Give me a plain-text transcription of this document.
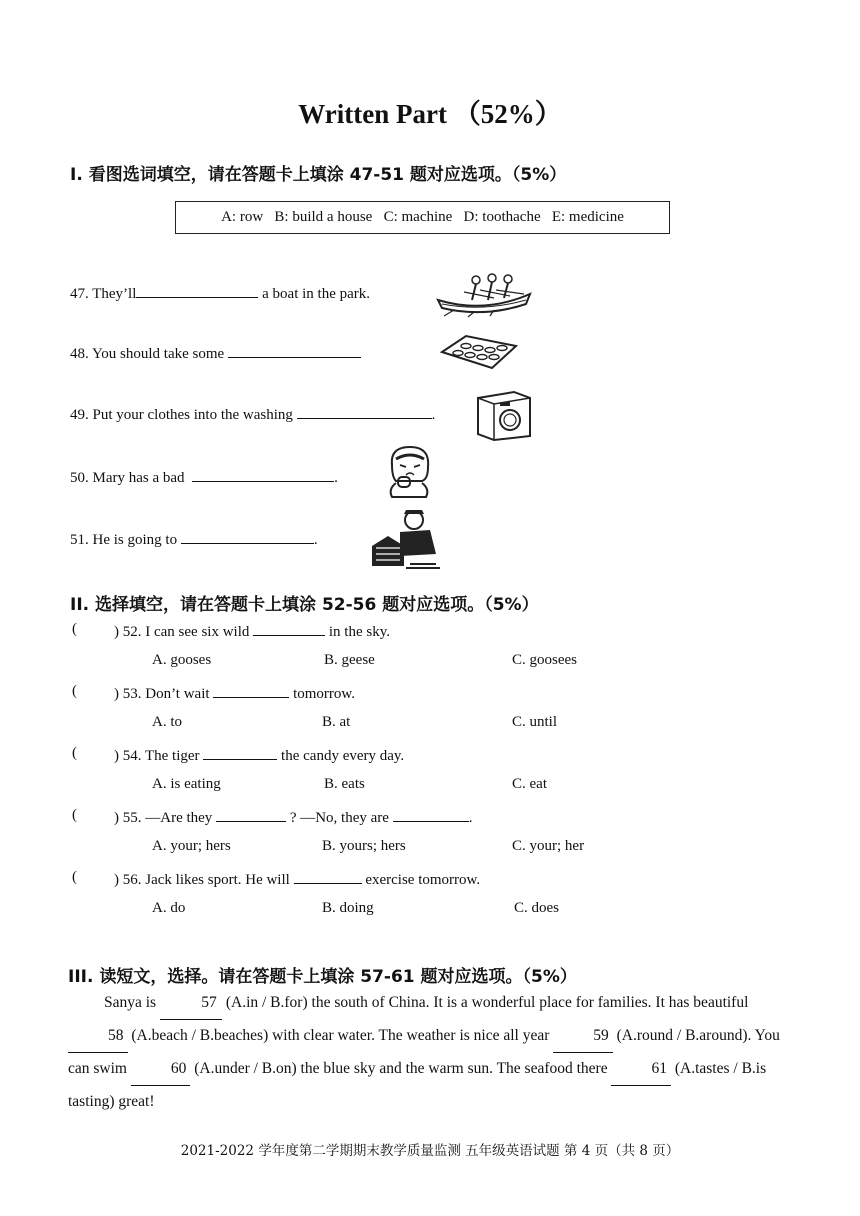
Written Part （52%）
I. 看图选词填空，请在答题卡上填涂 47-51 题对应选项。（5%）
A: row   B: build a house   C: machine   D: toothache   E: medicine
47. They’ll	a boat in the park.
48. You should take some
49. Put your clothes into the washing	.
50. Mary has a bad	.
51. He is going to	.
II. 选择填空，请在答题卡上填涂 52-56 题对应选项。（5%）
( ) 52. I can see six wild	in the sky.
A. gooses	B. geese	C. goosees
( ) 53. Don’t wait	tomorrow.
A. to	B. at	C. until
( ) 54. The tiger	the candy every day.
A. is eating	B. eats	C. eat
( ) 55. —Are they	? —No, they are	.
A. your; hers	B. yours; hers	C. your; her
( ) 56. Jack likes sport. He will	exercise tomorrow.
A. do	B. doing	C. does
III. 读短文，选择。请在答题卡上填涂 57-61 题对应选项。（5%）
Sanya is	57 (A.in / B.for) the south of China. It is a wonderful place for families. It has beautiful 58 (A.beach / B.beaches) with clear water. The weather is nice all year	59 (A.round / B.around). You can swim	60 (A.under / B.on) the blue sky and the warm sun. The seafood there	61 (A.tastes / B.is tasting) great!
2021-2022 学年度第二学期期末教学质量监测 五年级英语试题 第 4 页（共 8 页）
